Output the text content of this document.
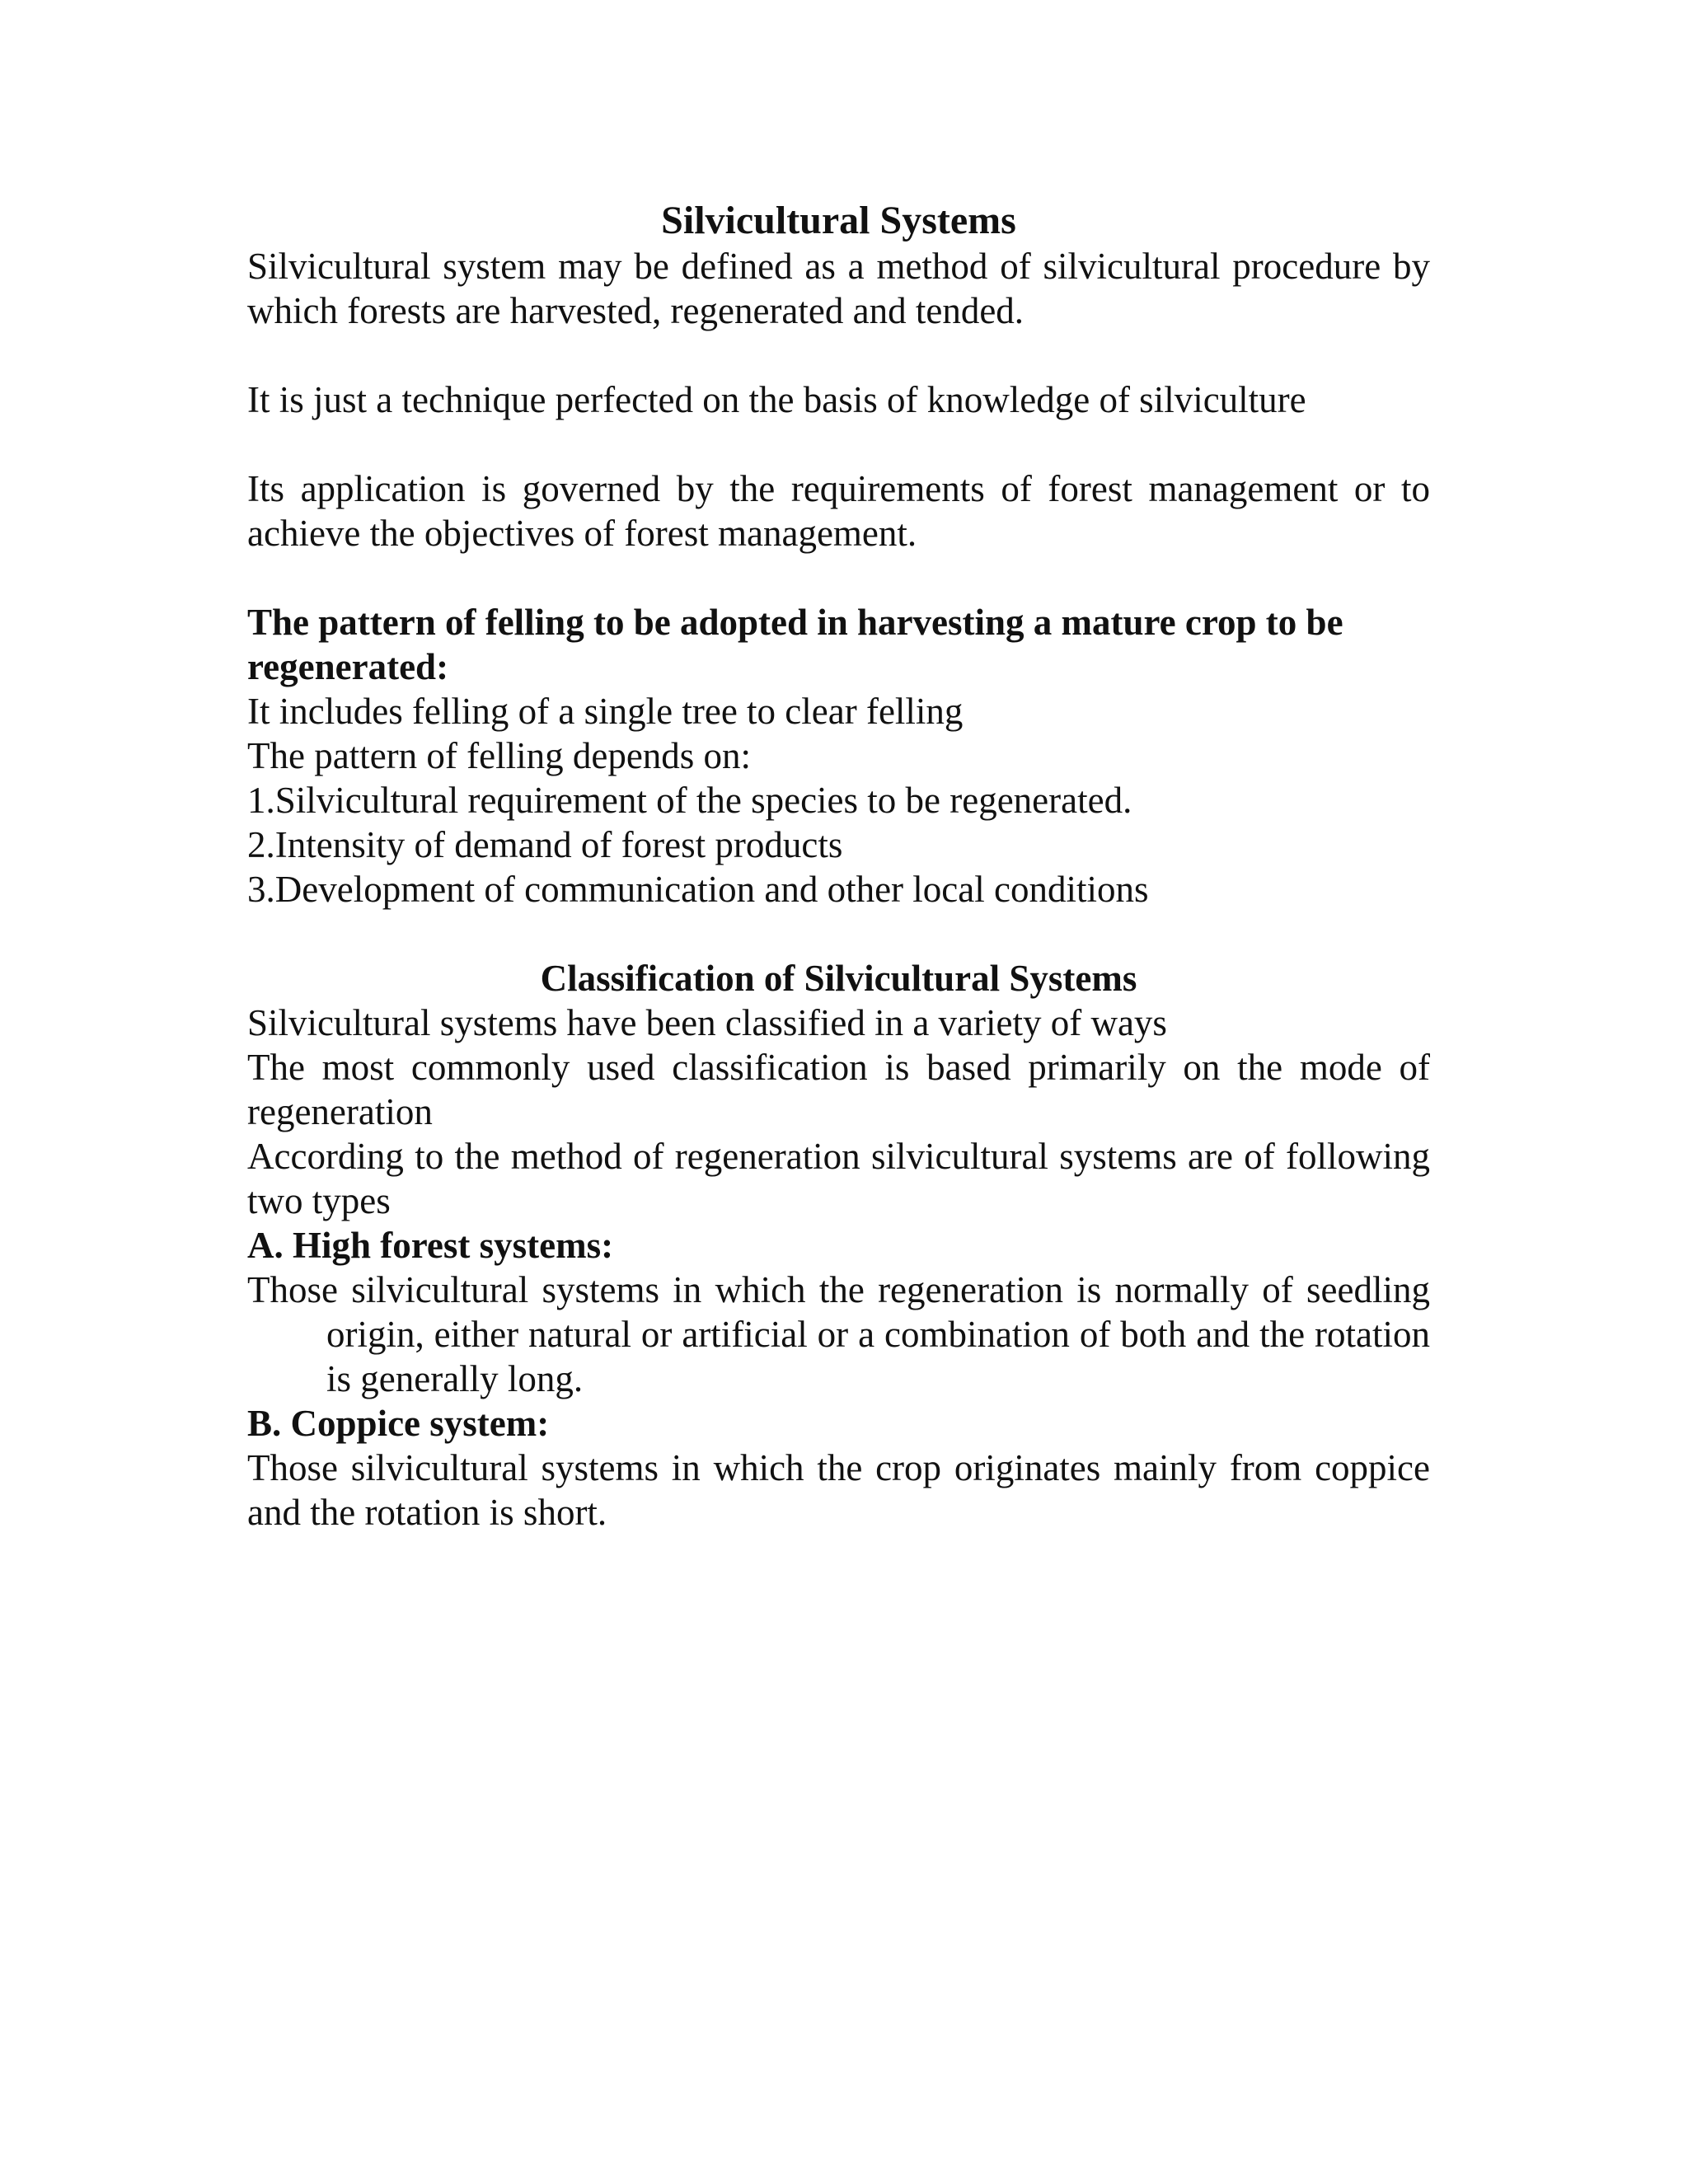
Silvicultural Systems

Silvicultural system may be defined as a method of silvicultural procedure by which forests are harvested, regenerated and tended.

It is just a technique perfected on the basis of knowledge of silviculture

Its application is governed by the requirements of forest management or to achieve the objectives of forest management.

The pattern of felling to be adopted in harvesting a mature crop to be regenerated:

It includes felling of a single tree to clear felling

The pattern of felling depends on:

1.Silvicultural requirement of the species to be regenerated.

2.Intensity of demand of forest products

3.Development of communication and other local conditions

Classification of Silvicultural Systems

Silvicultural systems have been classified in a variety of ways

The most commonly used classification is based primarily on the mode of regeneration

According to the method of regeneration silvicultural systems are of following two types

A. High forest systems:

Those silvicultural systems in which the regeneration is normally of seedling origin, either natural or artificial or a combination of both and the rotation is generally long.

B. Coppice system:

Those silvicultural systems in which the crop originates mainly from coppice and the rotation is short.
